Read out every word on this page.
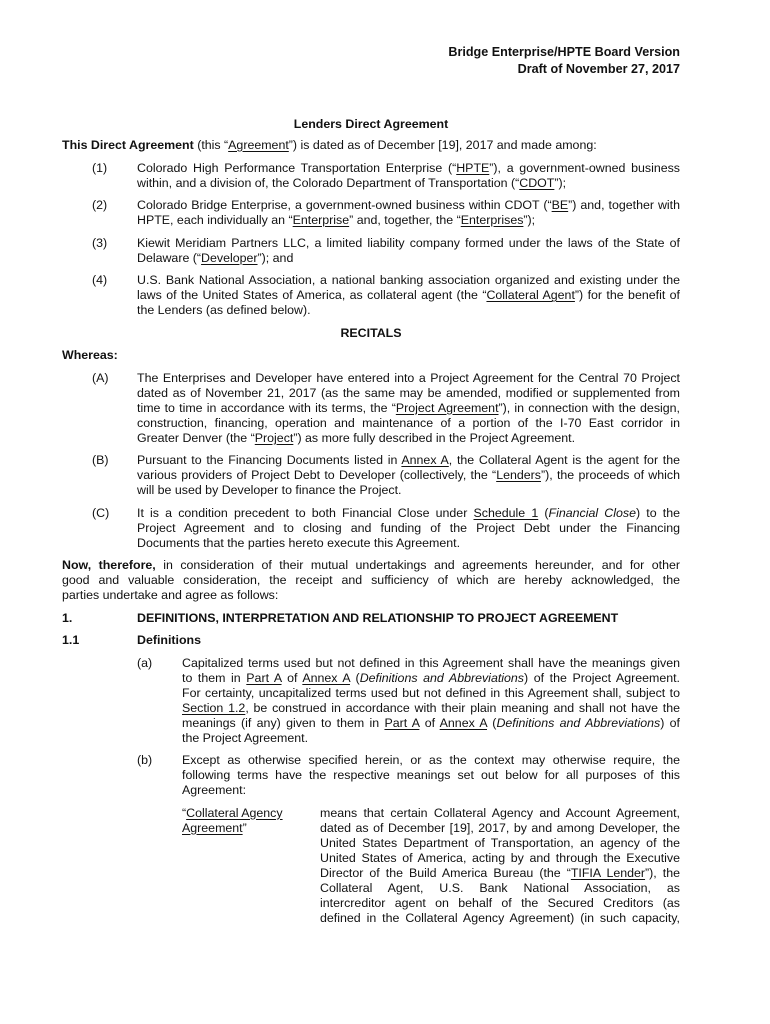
Bridge Enterprise/HPTE Board Version
Draft of November 27, 2017
Lenders Direct Agreement
This Direct Agreement (this “Agreement”) is dated as of December [19], 2017 and made among:
(1)	Colorado High Performance Transportation Enterprise (“HPTE”), a government-owned business
within, and a division of, the Colorado Department of Transportation (“CDOT”);
(2)	Colorado Bridge Enterprise, a government-owned business within CDOT (“BE”) and, together with
HPTE, each individually an “Enterprise” and, together, the “Enterprises”);
(3)	Kiewit Meridiam Partners LLC, a limited liability company formed under the laws of the State of
Delaware (“Developer”); and
(4)	U.S. Bank National Association, a national banking association organized and existing under the
laws of the United States of America, as collateral agent (the “Collateral Agent”) for the benefit of
the Lenders (as defined below).
RECITALS
Whereas:
(A)	The Enterprises and Developer have entered into a Project Agreement for the Central 70 Project
dated as of November 21, 2017 (as the same may be amended, modified or supplemented from
time to time in accordance with its terms, the “Project Agreement”), in connection with the design,
construction, financing, operation and maintenance of a portion of the I-70 East corridor in
Greater Denver (the “Project”) as more fully described in the Project Agreement.
(B)	Pursuant to the Financing Documents listed in Annex A, the Collateral Agent is the agent for the
various providers of Project Debt to Developer (collectively, the “Lenders”), the proceeds of which
will be used by Developer to finance the Project.
(C)	It is a condition precedent to both Financial Close under Schedule 1 (Financial Close) to the
Project Agreement and to closing and funding of the Project Debt under the Financing
Documents that the parties hereto execute this Agreement.
Now, therefore, in consideration of their mutual undertakings and agreements hereunder, and for other
good and valuable consideration, the receipt and sufficiency of which are hereby acknowledged, the
parties undertake and agree as follows:
1.	DEFINITIONS, INTERPRETATION AND RELATIONSHIP TO PROJECT AGREEMENT
1.1	Definitions
(a)	Capitalized terms used but not defined in this Agreement shall have the meanings given
to them in Part A of Annex A (Definitions and Abbreviations) of the Project Agreement.
For certainty, uncapitalized terms used but not defined in this Agreement shall, subject to
Section 1.2, be construed in accordance with their plain meaning and shall not have the
meanings (if any) given to them in Part A of Annex A (Definitions and Abbreviations) of
the Project Agreement.
(b)	Except as otherwise specified herein, or as the context may otherwise require, the
following terms have the respective meanings set out below for all purposes of this
Agreement:
“Collateral Agency
Agreement”
means that certain Collateral Agency and Account Agreement,
dated as of December [19], 2017, by and among Developer, the
United States Department of Transportation, an agency of the
United States of America, acting by and through the Executive
Director of the Build America Bureau (the “TIFIA Lender”), the
Collateral Agent, U.S. Bank National Association, as
intercreditor agent on behalf of the Secured Creditors (as
defined in the Collateral Agency Agreement) (in such capacity,
